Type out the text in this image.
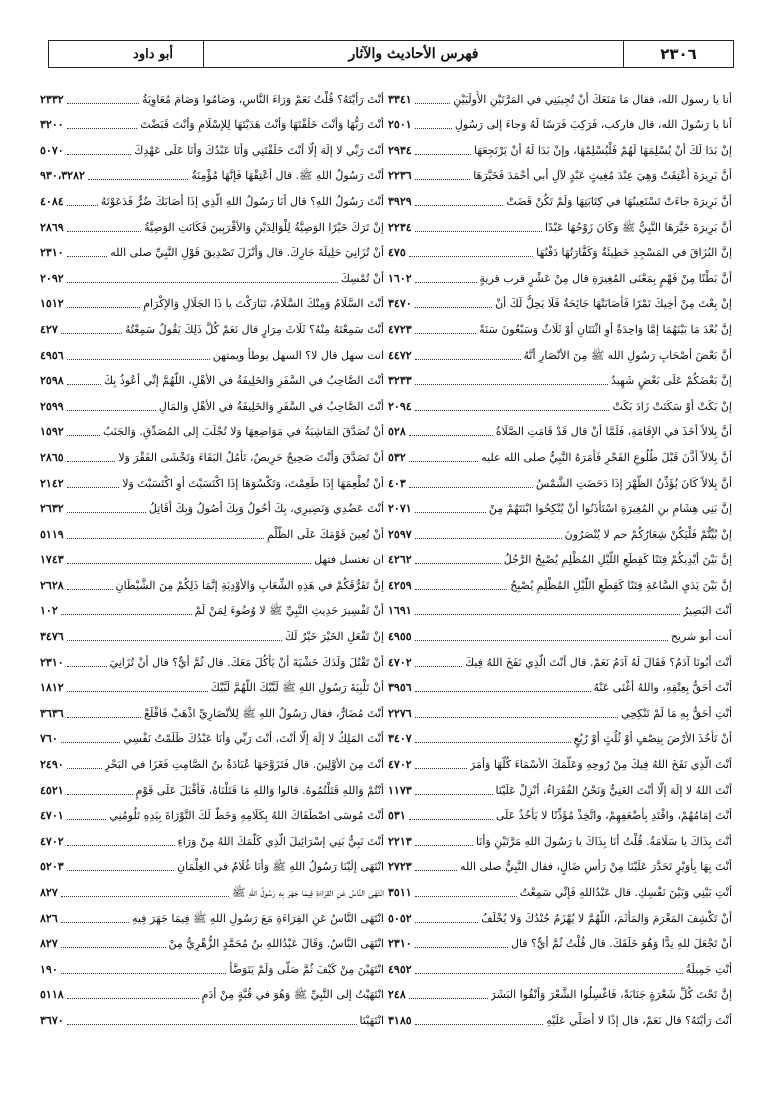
٢٣٠٦
فهرس الأحاديث والآثار
أبو داود
أنا يا رسول الله، فقال مَا مَنَعَكَ أنْ تُجِيبَنِي في المَرَّتَيْنِ الأُولَيَيْنِ
٣٣٤١
أنا يا رَسُولَ الله، قال فاركب، فَرَكِبَ فَرَسًا لَهُ وَجاءَ إلى رَسُولِ
٢٥٠١
إنْ بَدَا لَكَ أنْ يُسْلِمَهَا لَهُمْ فَلْيُسْلِمْهَا، وإنْ بَدَا لَهُ أنْ يَرْتَجِعَهَا
٢٩٣٤
أنَّ بَرِيرَةَ أُعْتِقَتْ وَهِيَ عِنْدَ مُغِيثٍ عَبْدٍ لآلِ أبي أحْمَدَ فَخَيَّرَهَا
٢٢٣٦
أنَّ بَرِيرَةَ جاءَتْ تَسْتَعِينُهَا في كِتَابَتِهَا وَلَمْ تَكُنْ قَضَتْ
٣٩٢٩
أنَّ بَرِيرَةَ خَيَّرَهَا النَّبِيُّ ﷺ وَكَانَ زَوْجُهَا عَبْدًا
٢٢٣٤
إنَّ البُزَاقَ في المَسْجِدِ خَطِيئَةٌ وَكَفَّارَتُهَا دَفْنُهَا
٤٧٥
أنَّ بَطْنًا مِنْ فَهْمٍ بِمَعْنَى المُغِيرَةِ قال مِنْ عَشْرٍ قرب قريةٍ
١٦٠٢
إنْ بِعْتَ مِنْ أخِيكَ تَمْرًا فَأصَابَتْهَا جَائِحَةٌ فَلَا يَحِلُّ لَكَ أنْ
٣٤٧٠
إنَّ بُعْدَ مَا بَيْنَهُمَا إمَّا وَاحِدَةٌ أوِ اثْنَتَانِ أوْ ثَلَاثٌ وَسَبْعُونَ سَنَةً
٤٧٢٣
أنَّ بَعْضَ أصْحَابِ رَسُولِ الله ﷺ مِنَ الأنْصَارِ أنَّهُ
٤٤٧٢
إنَّ بَعْضَكُمْ عَلَى بَعْضٍ شَهِيدٌ
٣٢٣٣
إنْ بَكَتْ أوْ سَكَتَتْ زَادَ بَكَتْ
٢٠٩٤
أنَّ بِلالاً أخَذَ في الإقَامَةِ، فَلَمَّا أنْ قال قَدْ قَامَتِ الصَّلَاةُ
٥٢٨
أنَّ بِلالاً أذَّنَ قَبْلَ طُلُوعِ الفَجْرِ فَأمَرَهُ النَّبِيُّ صلى الله عليه
٥٣٢
أنَّ بِلالاً كَانَ يُؤَذِّنُ الظُّهْرَ إذَا دَحَضَتِ الشَّمْسُ
٤٠٣
إنَّ بَنِي هِشَامِ بنِ المُغِيرَةِ اسْتَأْذَنُوا أنْ يُنْكِحُوا ابْنَتَهُمْ مِنْ
٢٠٧١
إنْ بُيِّتُّمْ فَلْيَكُنْ شِعَارُكُمْ حم لا يُنْصَرُونَ
٢٥٩٧
إنَّ بَيْنَ أيْدِيكُمْ فِتَنًا كَقِطَعِ اللَّيْلِ المُظْلِمِ يُصْبِحُ الرَّجُلُ
٤٢٦٢
إنَّ بَيْنَ يَدَيِ السَّاعَةِ فِتَنًا كَقِطَعِ اللَّيْلِ المُظْلِمِ يُصْبِحُ
٤٢٥٩
أنْتَ البَصِيرُ
١٦٩١
أنت أبو شريح
٤٩٥٥
أنْتَ أبُونَا آدَمُ؟ فَقَالَ لَهُ آدَمُ نَعَمْ. قال أنْتَ الَّذِي نَفَخَ اللهُ فِيكَ
٤٧٠٢
أنْتَ أحَقُّ بِعِتْقِهِ، واللهُ أغْنَى عَنْهُ
٣٩٥٦
أنْتِ أحَقُّ بِهِ مَا لَمْ تَنْكِحِي
٢٢٧٦
أنْ تَأْخُذَ الأرْضَ بِنِصْفٍ أوْ ثُلُثٍ أوْ رُبُعٍ
٣٤٠٧
أنْتَ الَّذِي نَفَخَ اللهُ فِيكَ مِنْ رُوحِهِ وَعَلَّمَكَ الأسْمَاءَ كُلَّهَا وَأمَرَ
٤٧٠٢
أنْتَ اللهُ لا إلَهَ إلَّا أنْتَ الغَنِيُّ وَنَحْنُ الفُقَرَاءُ، أنْزِلْ عَلَيْنَا
١١٧٣
أنْتَ إمَامُهُمْ، واقْتَدِ بِأضْعَفِهِمْ، واتَّخِذْ مُؤَذِّنًا لا يَأْخُذُ عَلَى
٥٣١
أنْتَ بِذَاكَ يا سَلَامَةُ. قُلْتُ أنَا بِذَاكَ يا رَسُولَ اللهِ مَرَّتَيْنِ وَأنَا
٢٢١٣
أنْتَ بِهَا بِأوَيْرٍ تَحَدَّرَ عَلَيْنَا مِنْ رَأسِ ضَالٍ، فقال النَّبِيُّ صلى الله
٢٧٢٣
أنْتِ بَيْنِي وَبَيْنَ نَفْسِكِ. قال عَبْدُاللهِ فَإنِّي سَمِعْتُ
٣٥١١
أنْ تَكْشِفَ المَغْرَمَ وَالمَأْثَمَ، اللَّهُمَّ لا يُهْزَمُ جُنْدُكَ وَلا يُخْلَفُ
٥٠٥٢
أنْ تَجْعَلَ للهِ نِدًّا وَهُوَ خَلَقَكَ. قال قُلْتُ ثُمَّ أيٌّ؟ قال
٢٣١٠
أنْتِ جَمِيلَةُ
٤٩٥٢
إنَّ تَحْتَ كُلِّ شَعْرَةٍ جَنَابَةً، فَاغْسِلُوا الشَّعْرَ وَأنْقُوا البَشَرَ
٢٤٨
أنْتَ رَأيْتَهُ؟ قال نَعَمْ، قال إذًا لا أُصَلِّي عَلَيْهِ
٣١٨٥
أنْتَ رَأيْتَهُ؟ قُلْتُ نَعَمْ وَرَاءَ النَّاسِ، وَصَامُوا وَصَامَ مُعَاوِيَةُ
٢٣٣٢
أنْتَ رَبُّهَا وَأنْتَ خَلَقْتَهَا وَأنْتَ هَدَيْتَهَا لِلإسْلَامِ وَأنْتَ قَبَضْتَ
٣٢٠٠
أنْتَ رَبِّي لا إلَهَ إلَّا أنْتَ خَلَقْتَنِي وَأنَا عَبْدُكَ وَأنَا عَلَى عَهْدِكَ
٥٠٧٠
أنْتَ رَسُولُ اللهِ ﷺ. قال أعْتِقْهَا فَإنَّهَا مُؤْمِنَةٌ
٩٣٠،٣٢٨٢
أنْتَ رَسُولُ اللهِ؟ قال أنَا رَسُولُ اللهِ الَّذِي إذَا أصَابَكَ ضُرٌّ فَدَعَوْتَهُ
٤٠٨٤
إنْ تَرَكَ خَيْرًا الوَصِيَّةُ لِلْوَالِدَيْنِ وَالأقْرَبِينَ فَكَانَتِ الوَصِيَّةُ
٢٨٦٩
أنْ تُزَانِيَ حَلِيلَةَ جَارِكَ. قال وَأنْزَلَ تَصْدِيقَ قَوْلِ النَّبِيِّ صلى الله
٢٣١٠
أنْ تُمْسِكَ
٢٠٩٢
أنْتَ السَّلَامُ وَمِنْكَ السَّلَامُ، تَبَارَكْتَ يا ذَا الجَلَالِ وَالإكْرَامِ
١٥١٢
أنْتَ سَمِعْتَهُ مِنْهُ؟ ثَلَاثَ مِرَارٍ قال نَعَمْ كُلَّ ذَلِكَ يَقُولُ سَمِعْتُهُ
٤٢٧
انت سهل قال لا؟ السهل يوطأ ويمتهن
٤٩٥٦
أنْتَ الصَّاحِبُ في السَّفَرِ وَالخَلِيفَةُ في الأهْلِ، اللَّهُمَّ إنِّي أعُوذُ بِكَ
٢٥٩٨
أنْتَ الصَّاحِبُ في السَّفَرِ وَالخَلِيفَةُ في الأهْلِ وَالمَالِ
٢٥٩٩
أنْ تُصَدَّقَ المَاشِيَةُ في مَوَاضِعِهَا وَلا تُجْلَبَ إلى المُصَدِّقِ. وَالجَنَبُ
١٥٩٢
أنْ تَصَدَّقَ وَأنْتَ صَحِيحٌ حَرِيصٌ، تَأْمُلُ البَقَاءَ وَتَخْشَى الفَقْرَ وَلا
٢٨٦٥
أنْ تُطْعِمَهَا إذَا طَعِمْتَ، وَتَكْسُوَهَا إذَا اكْتَسَيْتَ أوِ اكْتَسَبْتَ وَلا
٢١٤٢
أنْتَ عَضُدِي وَنَصِيرِي، بِكَ أحُولُ وَبِكَ أصُولُ وَبِكَ أُقَاتِلُ
٢٦٣٢
أنْ تُعِينَ قَوْمَكَ عَلَى الظُّلْمِ
٥١١٩
ان تغتسل فتهل
١٧٤٣
إنَّ تَفَرُّقَكُمْ في هَذِهِ الشِّعَابِ وَالأوْدِيَةِ إنَّمَا ذَلِكُمْ مِنَ الشَّيْطَانِ
٢٦٢٨
أنْ تَفْسِيرَ حَدِيثِ النَّبِيِّ ﷺ لا وُضُوءَ لِمَنْ لَمْ
١٠٢
إنْ تَفْعَلِ الخَيْرَ خَيْرٌ لَكَ
٣٤٧٦
أنْ تَقْتُلَ وَلَدَكَ خَشْيَةَ أنْ يَأْكُلَ مَعَكَ. قال ثُمَّ أيٌّ؟ قال أنْ تُزَانِيَ
٢٣١٠
أنْ تَلْبِيَةَ رَسُولِ اللهِ ﷺ لَبَّيْكَ اللَّهُمَّ لَبَّيْكَ
١٨١٢
أنْتَ مُضَارٌّ، فقال رَسُولُ اللهِ ﷺ لِلأنْصَارِيِّ اذْهَبْ فَاقْلَعْ
٣٦٣٦
أنْتَ المَلِكُ لا إلَهَ إلَّا أنْتَ، أنْتَ رَبِّي وَأنَا عَبْدُكَ ظَلَمْتُ نَفْسِي
٧٦٠
أنْتَ مِنَ الأوَّلِينَ. قال فَتَزَوَّجَهَا عُبَادَةُ بنُ الصَّامِتِ فَغَزَا في البَحْرِ
٢٤٩٠
أنْتُمْ وَاللهِ قَتَلْتُمُوهُ. قالوا وَاللهِ مَا قَتَلْنَاهُ، فَأقْبَلَ عَلَى قَوْمٍ
٤٥٢١
أنْتَ مُوسَى اصْطَفَاكَ اللهُ بِكَلَامِهِ وَخَطَّ لَكَ التَّوْرَاةَ بِيَدِهِ تَلُومُنِي
٤٧٠١
أنْتَ نَبِيُّ بَنِي إسْرَائِيلَ الَّذِي كَلَّمَكَ اللهُ مِنْ وَرَاءِ
٤٧٠٢
انْتَهَى إلَيْنَا رَسُولُ اللهِ ﷺ وَأنَا غُلَامٌ في الغِلْمَانِ
٥٢٠٣
انْتَهَى النَّاسُ عَنِ القِرَاءَةِ فِيمَا جَهَرَ بِهِ رَسُولُ اللهِ ﷺ
٨٢٧
انْتَهَى النَّاسُ عَنِ القِرَاءَةِ مَعَ رَسُولِ اللهِ ﷺ فِيمَا جَهَرَ فِيهِ
٨٢٦
انْتَهَى النَّاسُ. وَقَالَ عَبْدُاللهِ بنُ مُحَمَّدٍ الزُّهْرِيُّ مِنْ
٨٢٧
انْتَهَيْنَ مِنْ كَيْفَ ثُمَّ صَلَّى وَلَمْ يَتَوَضَّأْ
١٩٠
انْتَهَيْتُ إلى النَّبِيِّ ﷺ وَهُوَ في قُبَّةٍ مِنْ أدَمٍ
٥١١٨
انْتَهَيْنَا
٣٦٧٠
